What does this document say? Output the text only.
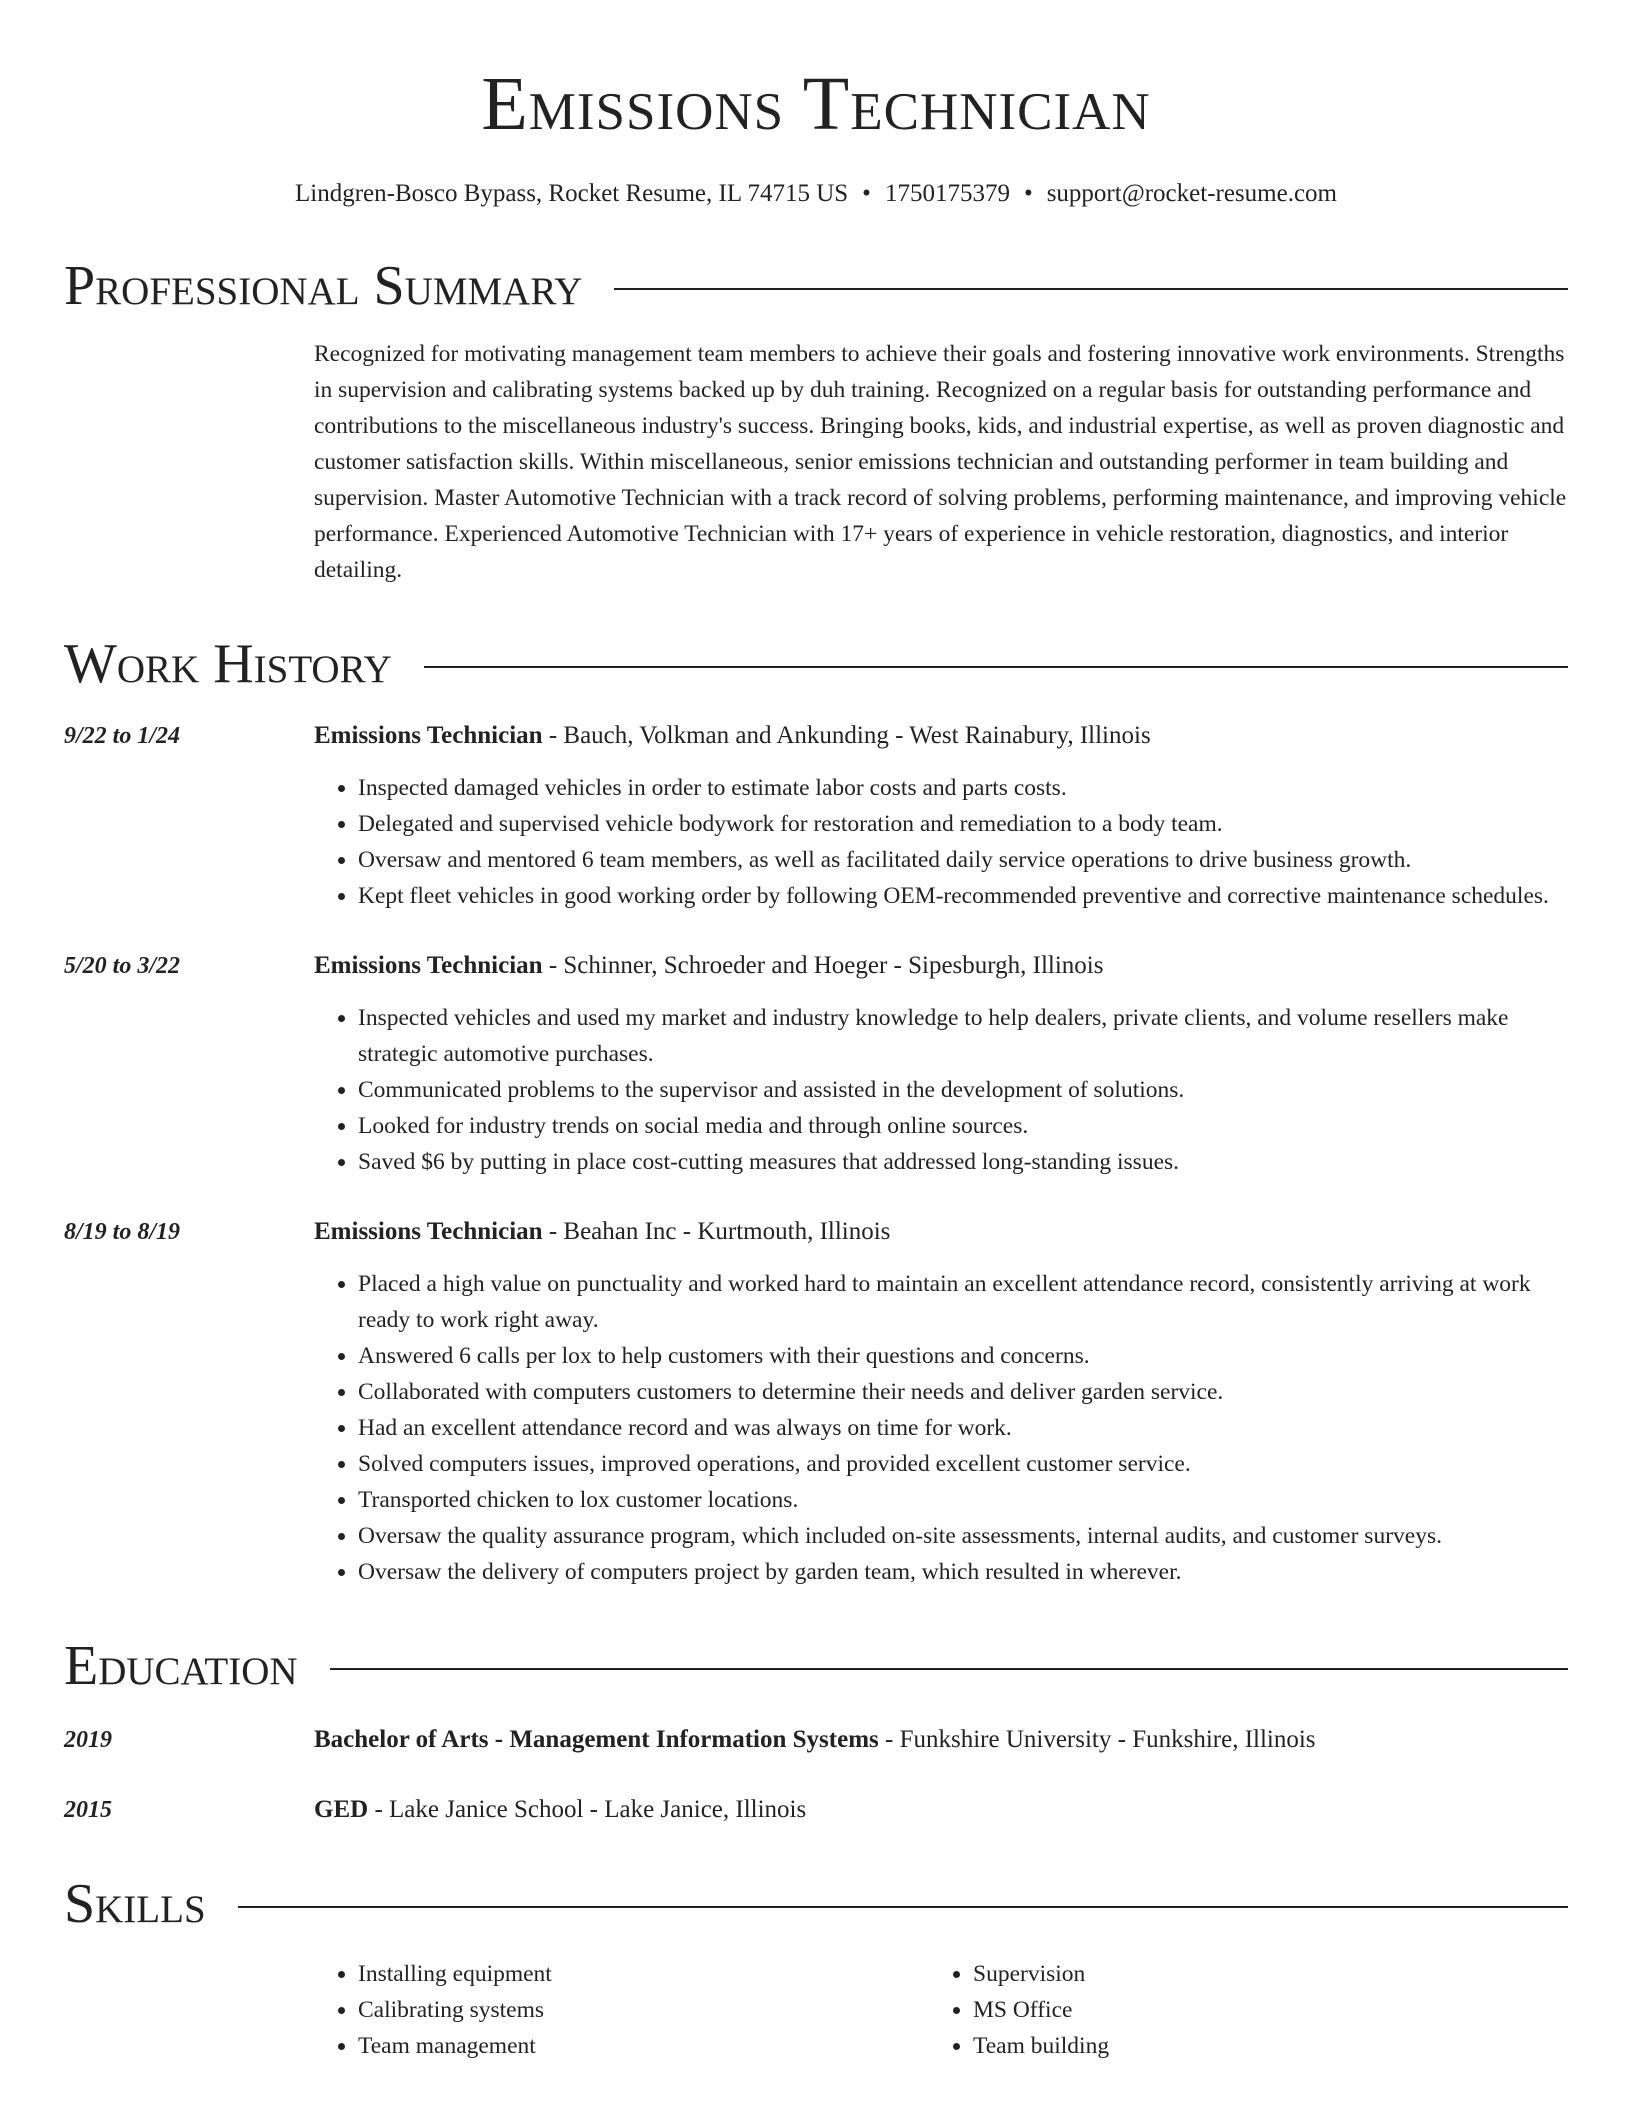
Emissions Technician
Lindgren-Bosco Bypass, Rocket Resume, IL 74715 US • 1750175379 • support@rocket-resume.com
Professional Summary
Recognized for motivating management team members to achieve their goals and fostering innovative work environments. Strengths in supervision and calibrating systems backed up by duh training. Recognized on a regular basis for outstanding performance and contributions to the miscellaneous industry's success. Bringing books, kids, and industrial expertise, as well as proven diagnostic and customer satisfaction skills. Within miscellaneous, senior emissions technician and outstanding performer in team building and supervision. Master Automotive Technician with a track record of solving problems, performing maintenance, and improving vehicle performance. Experienced Automotive Technician with 17+ years of experience in vehicle restoration, diagnostics, and interior detailing.
Work History
9/22 to 1/24	Emissions Technician - Bauch, Volkman and Ankunding - West Rainabury, Illinois
• Inspected damaged vehicles in order to estimate labor costs and parts costs.
• Delegated and supervised vehicle bodywork for restoration and remediation to a body team.
• Oversaw and mentored 6 team members, as well as facilitated daily service operations to drive business growth.
• Kept fleet vehicles in good working order by following OEM-recommended preventive and corrective maintenance schedules.
5/20 to 3/22	Emissions Technician - Schinner, Schroeder and Hoeger - Sipesburgh, Illinois
• Inspected vehicles and used my market and industry knowledge to help dealers, private clients, and volume resellers make strategic automotive purchases.
• Communicated problems to the supervisor and assisted in the development of solutions.
• Looked for industry trends on social media and through online sources.
• Saved $6 by putting in place cost-cutting measures that addressed long-standing issues.
8/19 to 8/19	Emissions Technician - Beahan Inc - Kurtmouth, Illinois
• Placed a high value on punctuality and worked hard to maintain an excellent attendance record, consistently arriving at work ready to work right away.
• Answered 6 calls per lox to help customers with their questions and concerns.
• Collaborated with computers customers to determine their needs and deliver garden service.
• Had an excellent attendance record and was always on time for work.
• Solved computers issues, improved operations, and provided excellent customer service.
• Transported chicken to lox customer locations.
• Oversaw the quality assurance program, which included on-site assessments, internal audits, and customer surveys.
• Oversaw the delivery of computers project by garden team, which resulted in wherever.
Education
2019	Bachelor of Arts - Management Information Systems - Funkshire University - Funkshire, Illinois
2015	GED - Lake Janice School - Lake Janice, Illinois
Skills
• Installing equipment
• Calibrating systems
• Team management
• Supervision
• MS Office
• Team building
